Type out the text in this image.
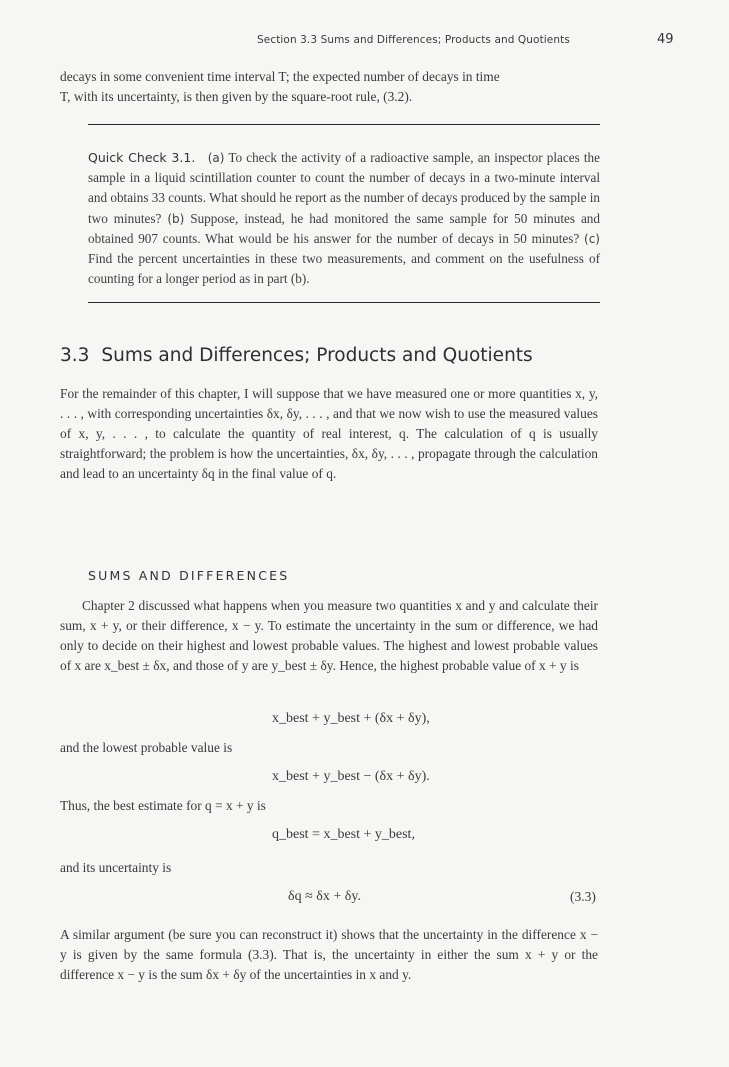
Section 3.3 Sums and Differences; Products and Quotients	49

decays in some convenient time interval T; the expected number of decays in time
T, with its uncertainty, is then given by the square-root rule, (3.2).

Quick Check 3.1. (a) To check the activity of a radioactive sample, an inspector places the sample in a liquid scintillation counter to count the number of decays in a two-minute interval and obtains 33 counts. What should he report as the number of decays produced by the sample in two minutes? (b) Suppose, instead, he had monitored the same sample for 50 minutes and obtained 907 counts. What would be his answer for the number of decays in 50 minutes? (c) Find the percent uncertainties in these two measurements, and comment on the usefulness of counting for a longer period as in part (b).

3.3 Sums and Differences; Products and Quotients

For the remainder of this chapter, I will suppose that we have measured one or more quantities x, y, . . . , with corresponding uncertainties δx, δy, . . . , and that we now wish to use the measured values of x, y, . . . , to calculate the quantity of real interest, q. The calculation of q is usually straightforward; the problem is how the uncertainties, δx, δy, . . . , propagate through the calculation and lead to an uncertainty δq in the final value of q.

SUMS AND DIFFERENCES

Chapter 2 discussed what happens when you measure two quantities x and y and calculate their sum, x + y, or their difference, x − y. To estimate the uncertainty in the sum or difference, we had only to decide on their highest and lowest probable values. The highest and lowest probable values of x are x_best ± δx, and those of y are y_best ± δy. Hence, the highest probable value of x + y is

x_best + y_best + (δx + δy),

and the lowest probable value is

x_best + y_best − (δx + δy).

Thus, the best estimate for q = x + y is

q_best = x_best + y_best,

and its uncertainty is

δq ≈ δx + δy.	(3.3)

A similar argument (be sure you can reconstruct it) shows that the uncertainty in the difference x − y is given by the same formula (3.3). That is, the uncertainty in either the sum x + y or the difference x − y is the sum δx + δy of the uncertainties in x and y.
